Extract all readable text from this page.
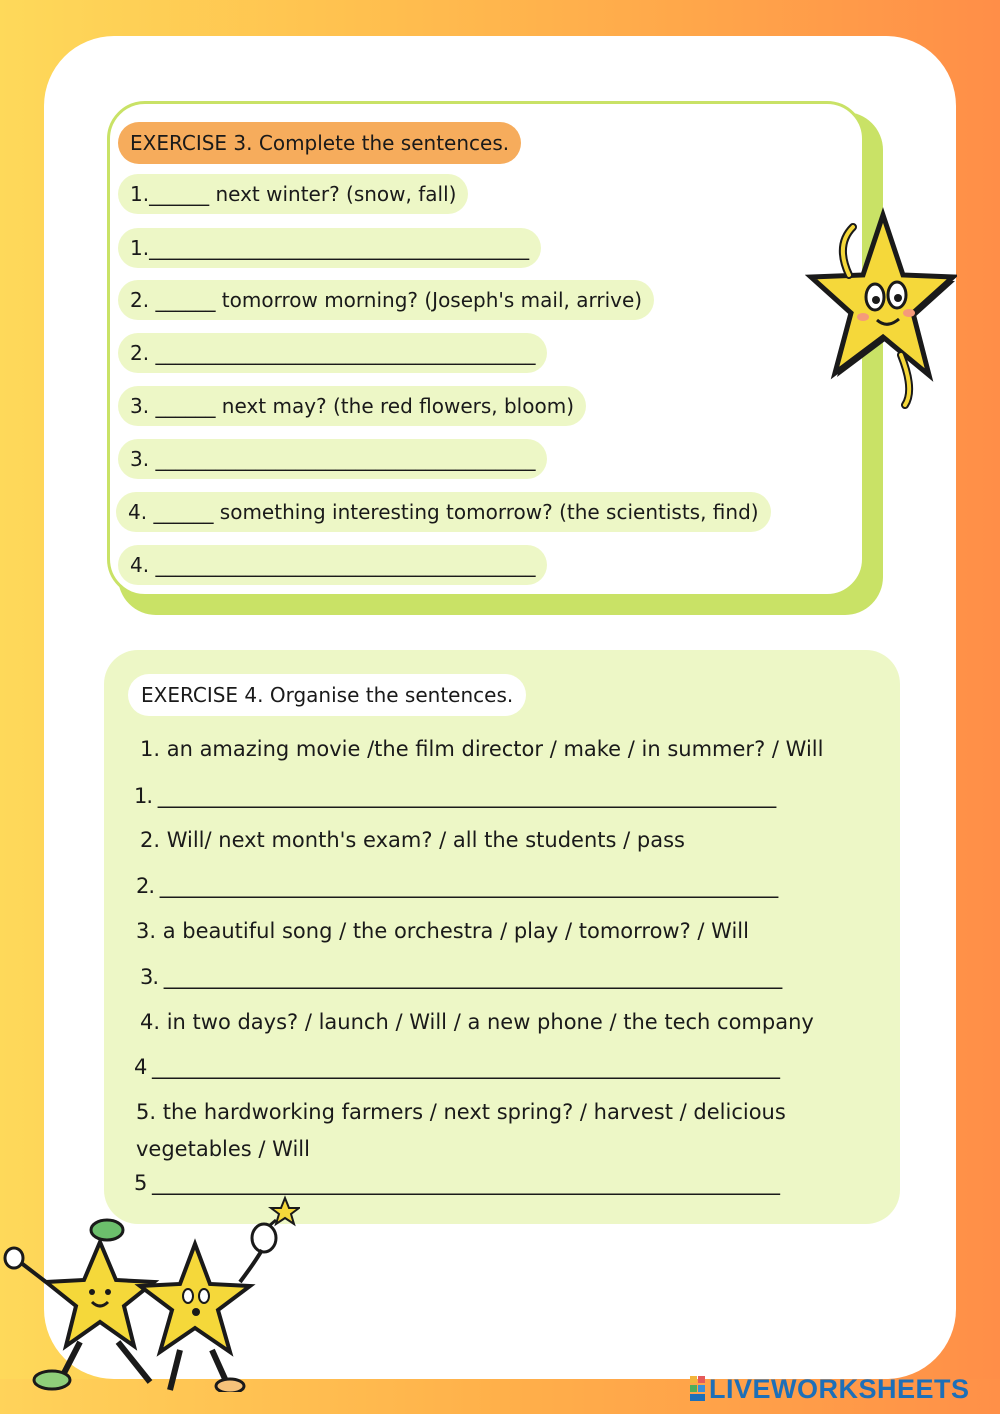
EXERCISE 3. Complete the sentences.
1.______ next winter? (snow, fall)
1.______________________________________
2. ______ tomorrow morning? (Joseph's mail, arrive)
2. ______________________________________
3. ______ next may? (the red flowers, bloom)
3. ______________________________________
4. ______ something interesting tomorrow? (the scientists, find)
4. ______________________________________
EXERCISE 4. Organise the sentences.
1. an amazing movie /the film director / make / in summer? / Will
1. _________________________________________________________________
2. Will/ next month's exam? / all the students / pass
2. _________________________________________________________________
3. a beautiful song / the orchestra / play / tomorrow? / Will
3. _________________________________________________________________
4. in two days? / launch / Will / a new phone / the tech company
4 __________________________________________________________________
5. the hardworking farmers / next spring? / harvest / delicious vegetables / Will
5 __________________________________________________________________
LIVEWORKSHEETS
